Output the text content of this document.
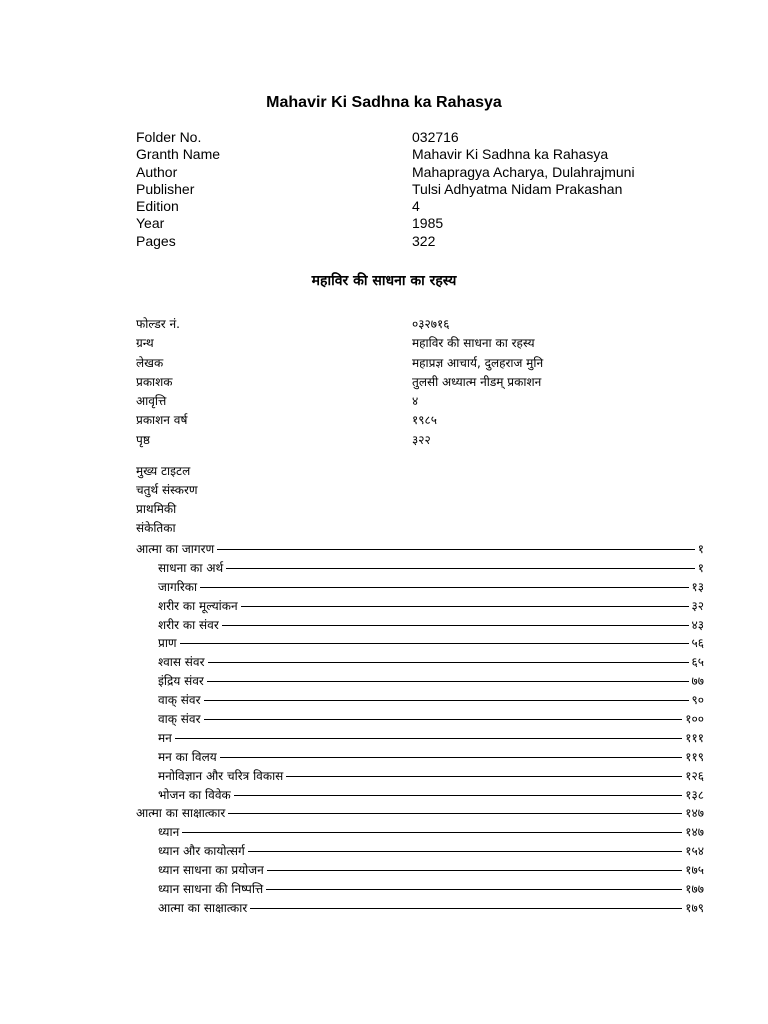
Mahavir Ki Sadhna ka Rahasya
Folder No.	032716
Granth Name	Mahavir Ki Sadhna ka Rahasya
Author	Mahapragya Acharya, Dulahrajmuni
Publisher	Tulsi Adhyatma Nidam Prakashan
Edition	4
Year	1985
Pages	322
महाविर की साधना का रहस्य
फोल्डर नं.	०३२७१६
ग्रन्थ	महाविर की साधना का रहस्य
लेखक	महाप्रज्ञ आचार्य, दुलहराज मुनि
प्रकाशक	तुलसी अध्यात्म नीडम् प्रकाशन
आवृत्ति	४
प्रकाशन वर्ष	१९८५
पृष्ठ	३२२
मुख्य टाइटल
चतुर्थ संस्करण
प्राथमिकी
संकेतिका
आत्मा का जागरण	१
साधना का अर्थ	१
जागरिका	१३
शरीर का मूल्यांकन	३२
शरीर का संवर	४३
प्राण	५६
श्वास संवर	६५
इंद्रिय संवर	७७
वाक् संवर	९०
वाक् संवर	१००
मन	१११
मन का विलय	११९
मनोविज्ञान और चरित्र विकास	१२६
भोजन का विवेक	१३८
आत्मा का साक्षात्कार	१४७
ध्यान	१४७
ध्यान और कायोत्सर्ग	१५४
ध्यान साधना का प्रयोजन	१७५
ध्यान साधना की निष्पत्ति	१७७
आत्मा का साक्षात्कार	१७९
